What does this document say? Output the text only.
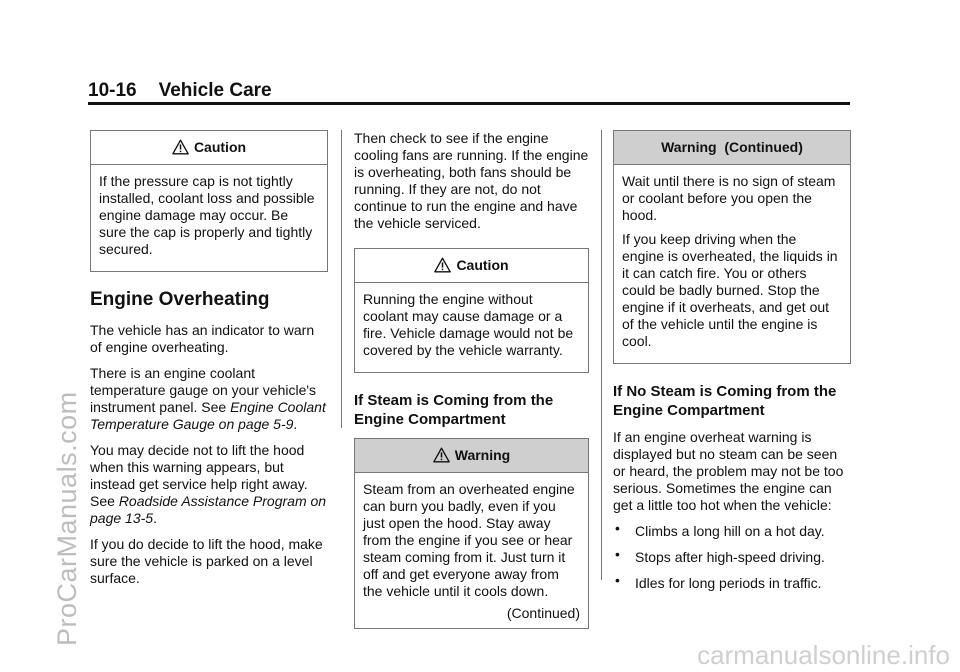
10-16 Vehicle Care
Caution

If the pressure cap is not tightly installed, coolant loss and possible engine damage may occur. Be sure the cap is properly and tightly secured.

Engine Overheating

The vehicle has an indicator to warn of engine overheating.

There is an engine coolant temperature gauge on your vehicle's instrument panel. See Engine Coolant Temperature Gauge on page 5-9.

You may decide not to lift the hood when this warning appears, but instead get service help right away. See Roadside Assistance Program on page 13-5.

If you do decide to lift the hood, make sure the vehicle is parked on a level surface.

Then check to see if the engine cooling fans are running. If the engine is overheating, both fans should be running. If they are not, do not continue to run the engine and have the vehicle serviced.

Caution

Running the engine without coolant may cause damage or a fire. Vehicle damage would not be covered by the vehicle warranty.

If Steam is Coming from the Engine Compartment
Warning

Steam from an overheated engine can burn you badly, even if you just open the hood. Stay away from the engine if you see or hear steam coming from it. Just turn it off and get everyone away from the vehicle until it cools down.

(Continued)
Warning  (Continued)

Wait until there is no sign of steam or coolant before you open the hood.

If you keep driving when the engine is overheated, the liquids in it can catch fire. You or others could be badly burned. Stop the engine if it overheats, and get out of the vehicle until the engine is cool.

If No Steam is Coming from the Engine Compartment

If an engine overheat warning is displayed but no steam can be seen or heard, the problem may not be too serious. Sometimes the engine can get a little too hot when the vehicle:

• Climbs a long hill on a hot day.
• Stops after high-speed driving.
• Idles for long periods in traffic.
ProCarManuals.com
carmanualsonline.info
